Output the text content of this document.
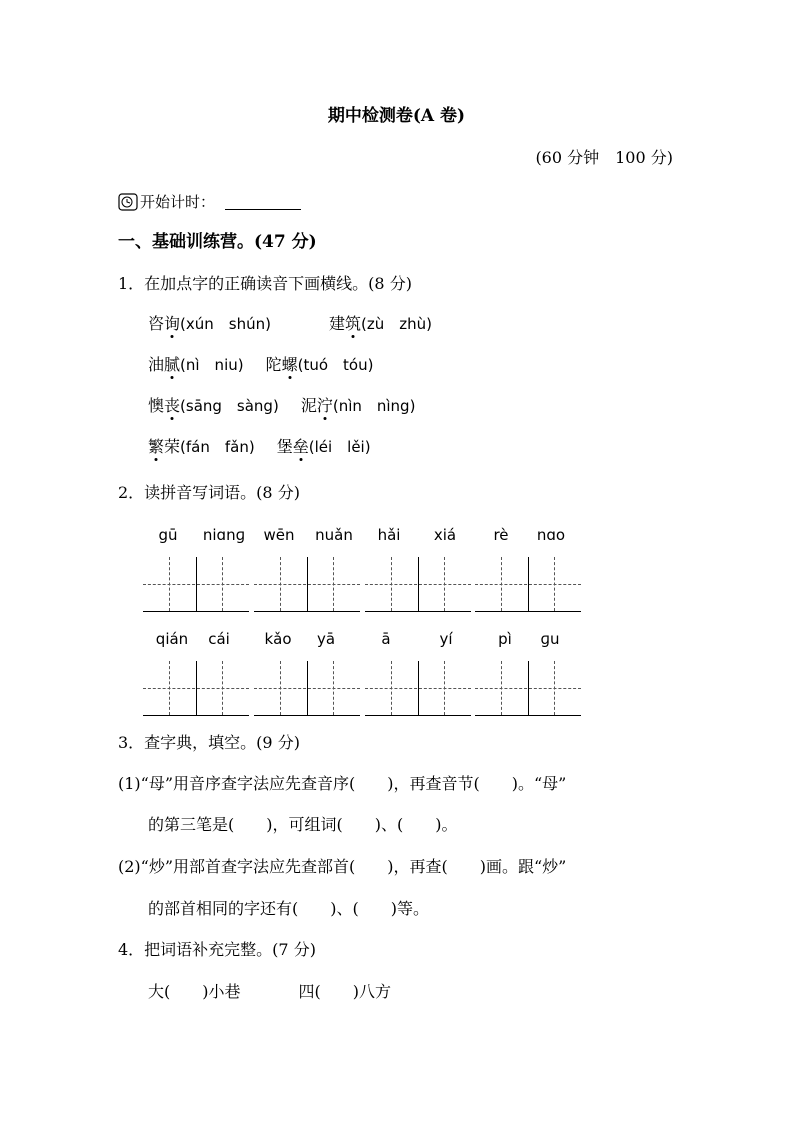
期中检测卷(A 卷)
(60 分钟　100 分)
开始计时：
一、基础训练营。(47 分)
1．在加点字的正确读音下画横线。(8 分)
咨询(xún　shún)	建筑(zù　zhù)
油腻(nì　niu) 陀螺(tuó　tóu)
懊丧(sāng　sàng) 泥泞(nìn　nìng)
繁荣(fán　fǎn) 堡垒(léi　lěi)
2．读拼音写词语。(8 分)
gū niɑnɡ wēn nuǎn hǎi xiá rè nɑo
qián cái kǎo yā	ā	yí	pì ɡu
3．查字典，填空。(9 分)
(1)“母”用音序查字法应先查音序(　　)，再查音节(　　)。“母”
的第三笔是(　　)，可组词(　　)、(　　)。
(2)“炒”用部首查字法应先查部首(　　)，再查(　　)画。跟“炒”
的部首相同的字还有(　　)、(　　)等。
4．把词语补充完整。(7 分)
大(　　)小巷	四(　　)八方
